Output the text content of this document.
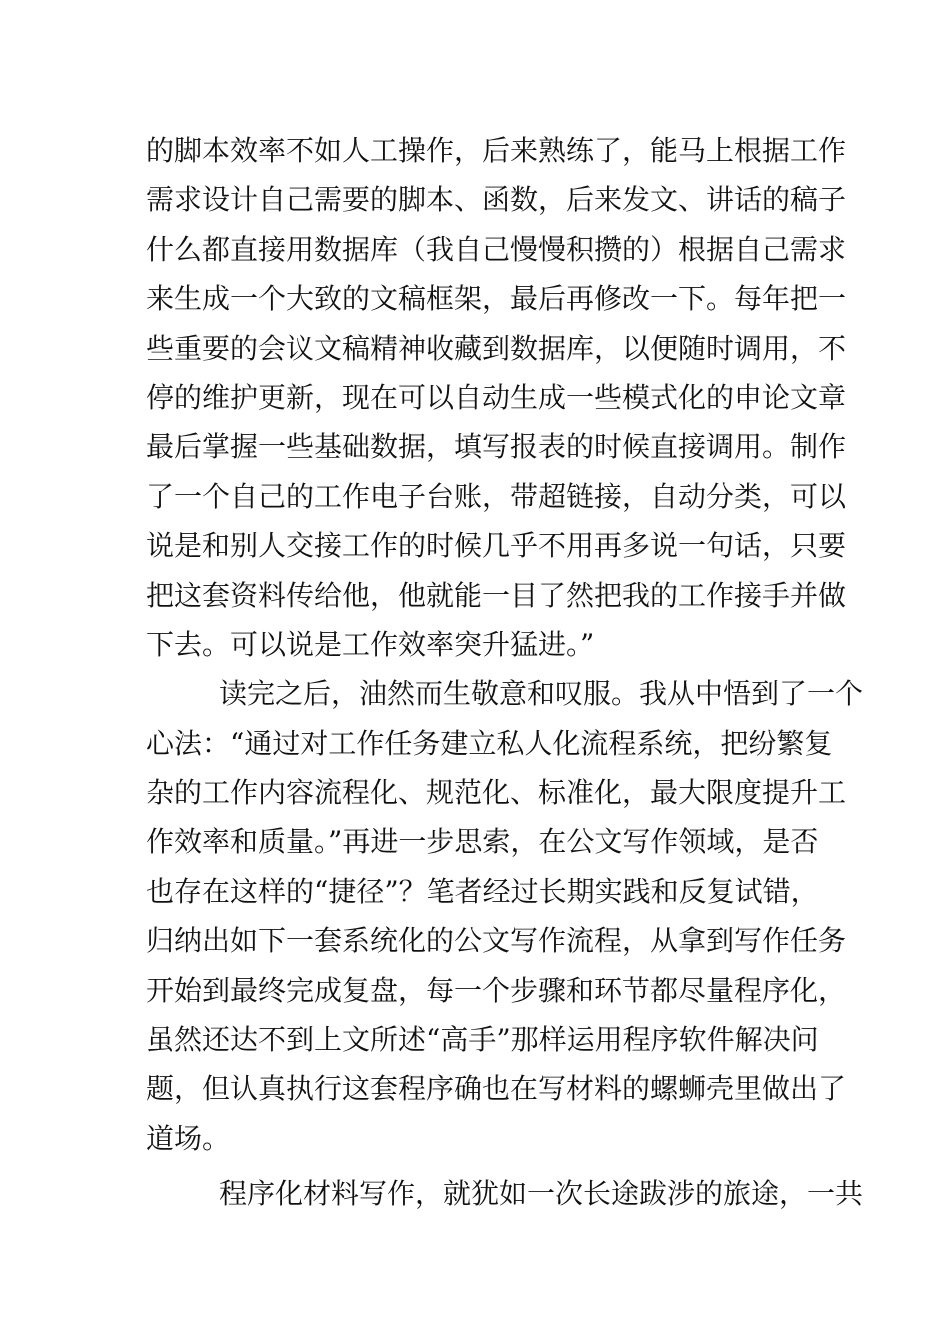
的脚本效率不如人工操作，后来熟练了，能马上根据工作
需求设计自己需要的脚本、函数，后来发文、讲话的稿子
什么都直接用数据库（我自己慢慢积攒的）根据自己需求
来生成一个大致的文稿框架，最后再修改一下。每年把一
些重要的会议文稿精神收藏到数据库，以便随时调用，不
停的维护更新，现在可以自动生成一些模式化的申论文章
最后掌握一些基础数据，填写报表的时候直接调用。制作
了一个自己的工作电子台账，带超链接，自动分类，可以
说是和别人交接工作的时候几乎不用再多说一句话，只要
把这套资料传给他，他就能一目了然把我的工作接手并做
下去。可以说是工作效率突升猛进。”
读完之后，油然而生敬意和叹服。我从中悟到了一个
心法：“通过对工作任务建立私人化流程系统，把纷繁复
杂的工作内容流程化、规范化、标准化，最大限度提升工
作效率和质量。”再进一步思索，在公文写作领域，是否
也存在这样的“捷径”？笔者经过长期实践和反复试错，
归纳出如下一套系统化的公文写作流程，从拿到写作任务
开始到最终完成复盘，每一个步骤和环节都尽量程序化，
虽然还达不到上文所述“高手”那样运用程序软件解决问
题，但认真执行这套程序确也在写材料的螺蛳壳里做出了
道场。
程序化材料写作，就犹如一次长途跋涉的旅途，一共
